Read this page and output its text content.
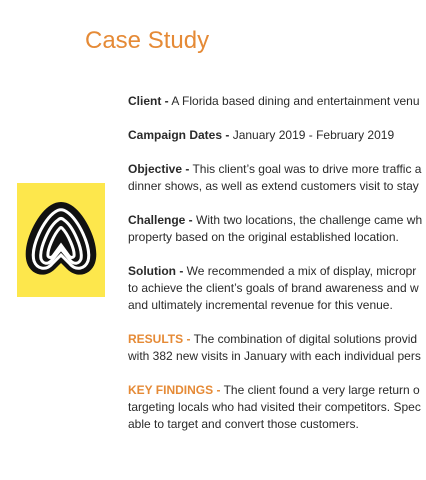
Case Study
Client - A Florida based dining and entertainment venu
Campaign Dates - January 2019 - February 2019
Objective - This client’s goal was to drive more traffic a
dinner shows, as well as extend customers visit to stay
Challenge - With two locations, the challenge came wh
property based on the original established location.
Solution - We recommended a mix of display, micropr
to achieve the client’s goals of brand awareness and w
and ultimately incremental revenue for this venue.
RESULTS - The combination of digital solutions provid
with 382 new visits in January with each individual pers
KEY FINDINGS - The client found a very large return o
targeting locals who had visited their competitors. Spec
able to target and convert those customers.
